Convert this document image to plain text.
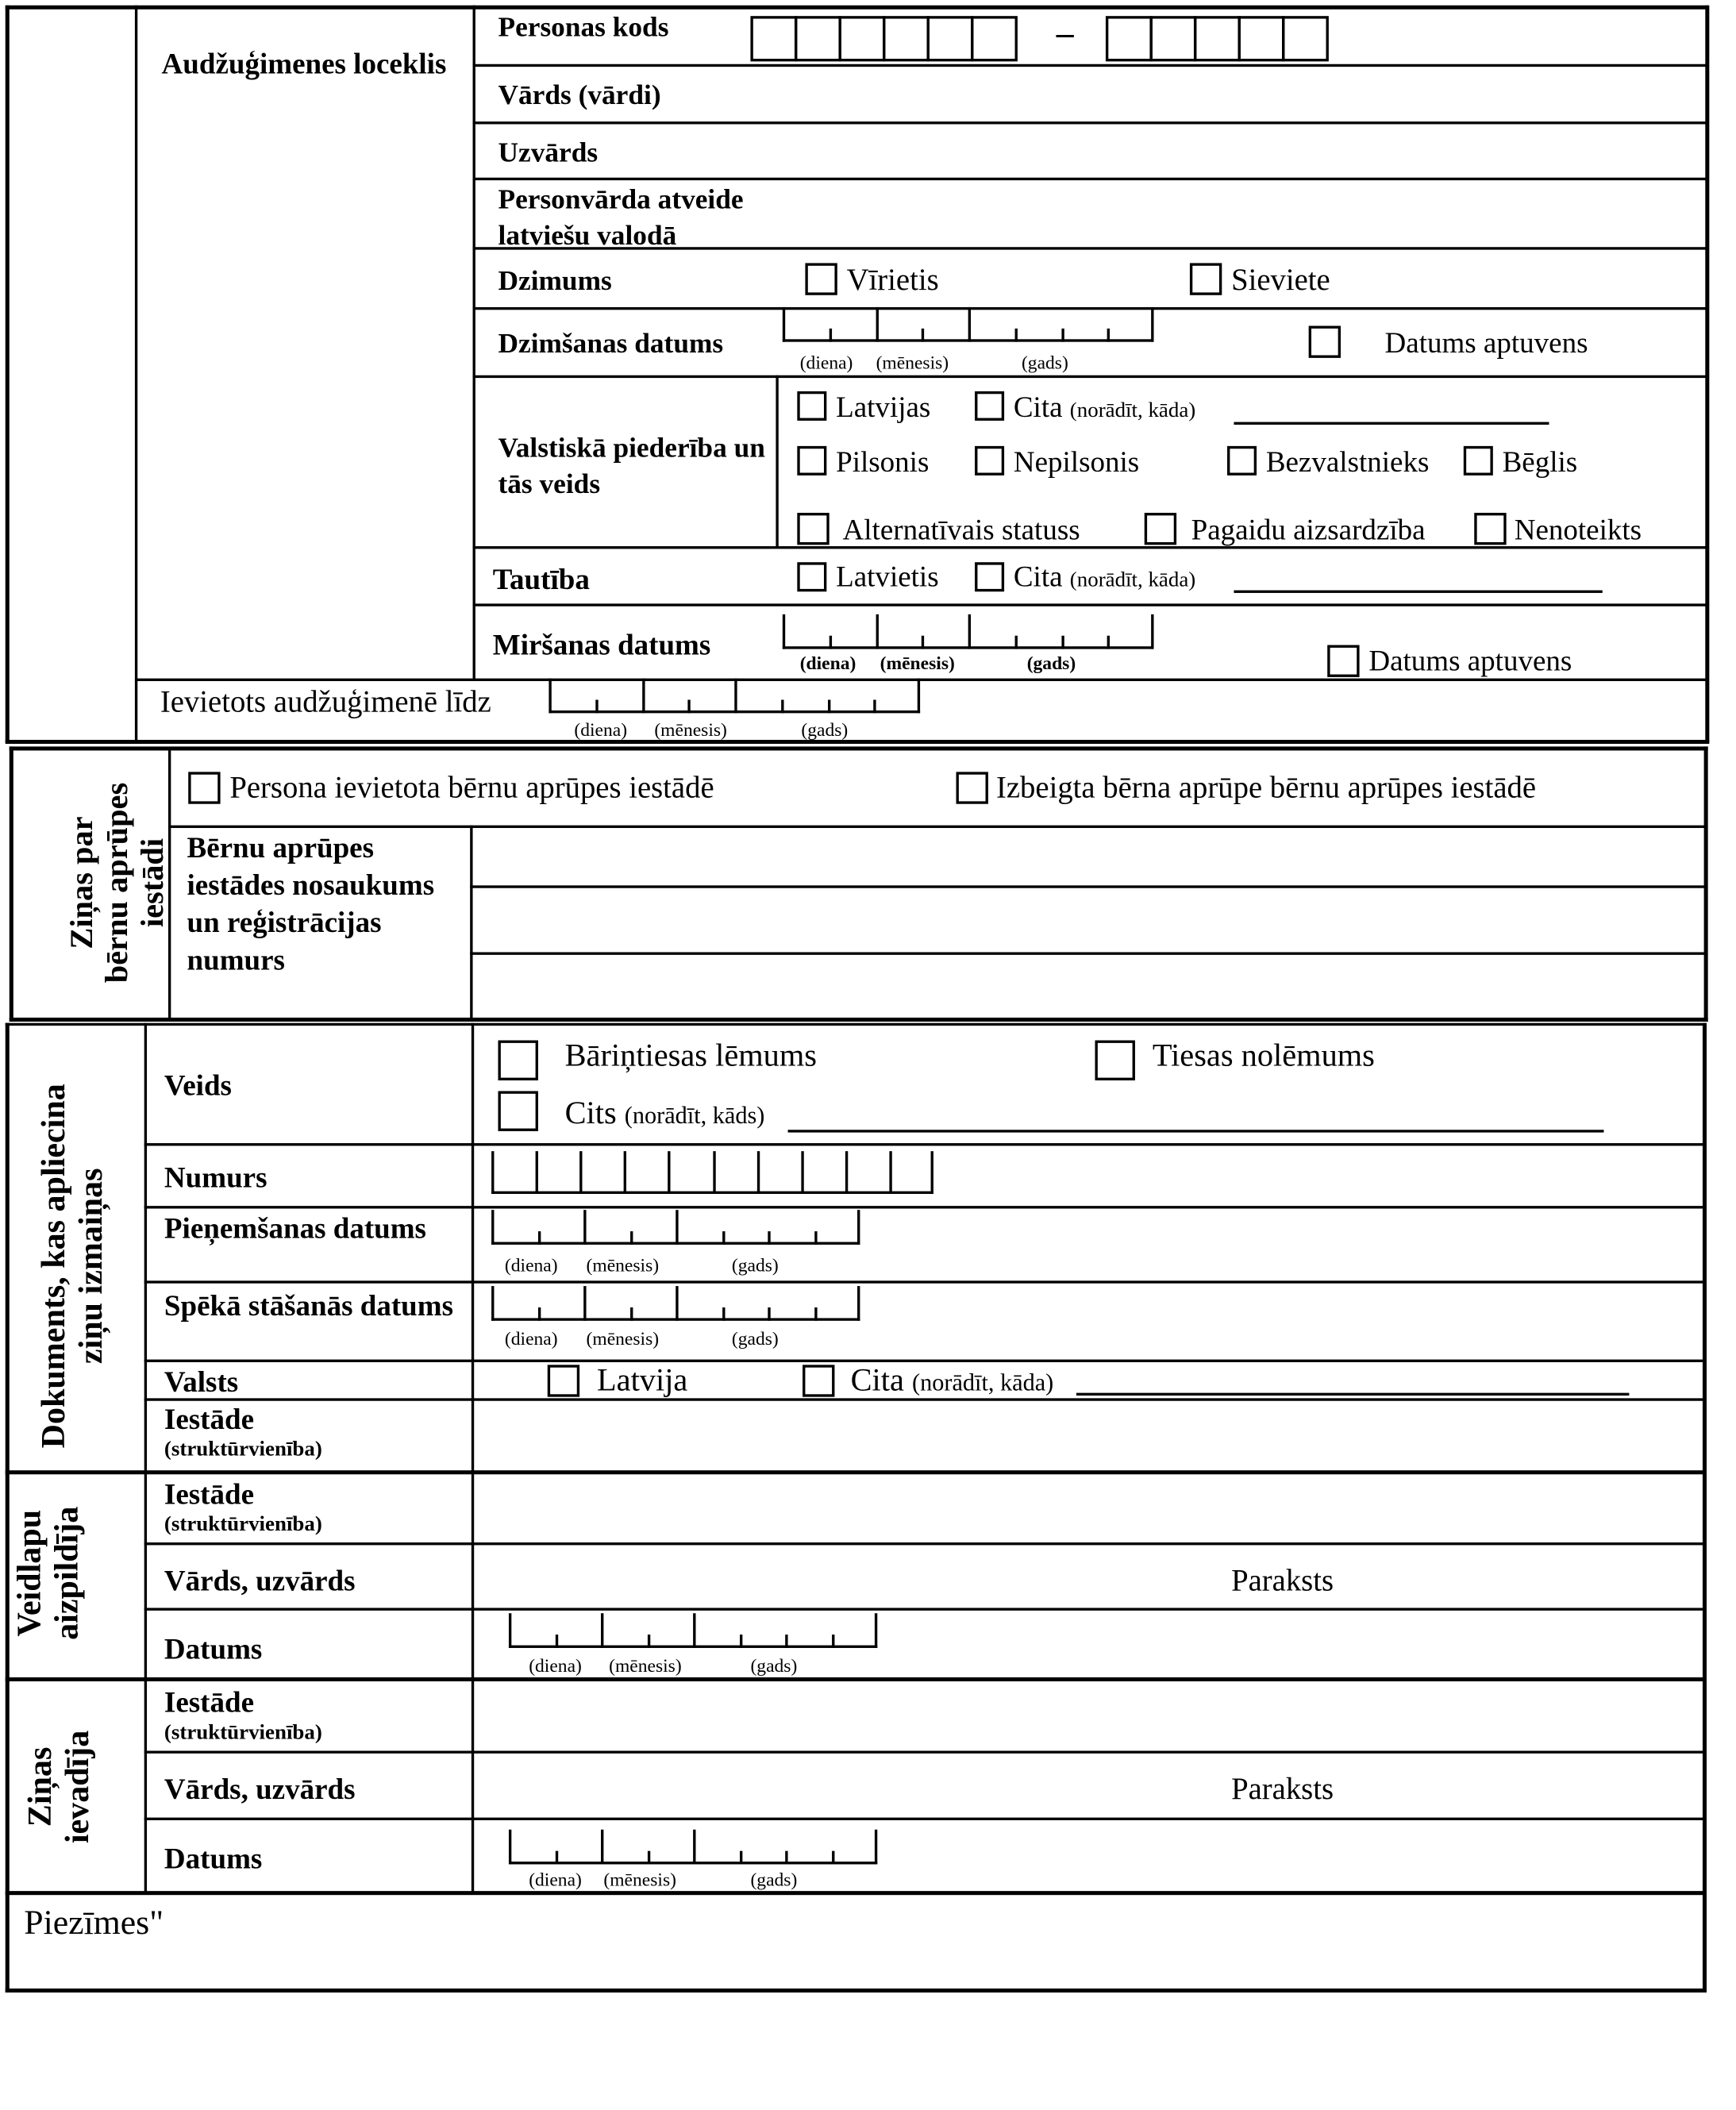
Audžuģimenes loceklis
Personas kods	–
Vārds (vārdi)
Uzvārds
Personvārda atveide latviešu valodā
Dzimums	Vīrietis	Sieviete
Dzimšanas datums
(diena) (mēnesis)	(gads)
Datums aptuvens
Valstiskā piederība un tās veids
Latvijas	Cita (norādīt, kāda)
Pilsonis	Nepilsonis	Bezvalstnieks	Bēglis
Alternatīvais statuss	Pagaidu aizsardzība	Nenoteikts
Tautība	Latvietis	Cita (norādīt, kāda)
Miršanas datums
(diena) (mēnesis)	(gads)	Datums aptuvens
Ievietots audžuģimenē līdz
(diena) (mēnesis)	(gads)
Ziņas par bērnu aprūpes iestādi
Persona ievietota bērnu aprūpes iestādē	Izbeigta bērna aprūpe bērnu aprūpes iestādē
Bērnu aprūpes iestādes nosaukums un reģistrācijas numurs
Dokuments, kas apliecina ziņu izmaiņas
Veids
Bāriņtiesas lēmums	Tiesas nolēmums
Cits (norādīt, kāds)
Numurs
Pieņemšanas datums
(diena)	(mēnesis)	(gads)
Spēkā stāšanās datums
(diena)	(mēnesis)	(gads)
Valsts	Latvija	Cita (norādīt, kāda)
Iestāde
(struktūrvienība)
Veidlapu aizpildīja
Iestāde
(struktūrvienība)
Vārds, uzvārds	Paraksts
Datums
(diena) (mēnesis)	(gads)
Ziņas ievadīja
Iestāde
(struktūrvienība)
Vārds, uzvārds	Paraksts
Datums
(diena) (mēnesis)	(gads)
Piezīmes"
